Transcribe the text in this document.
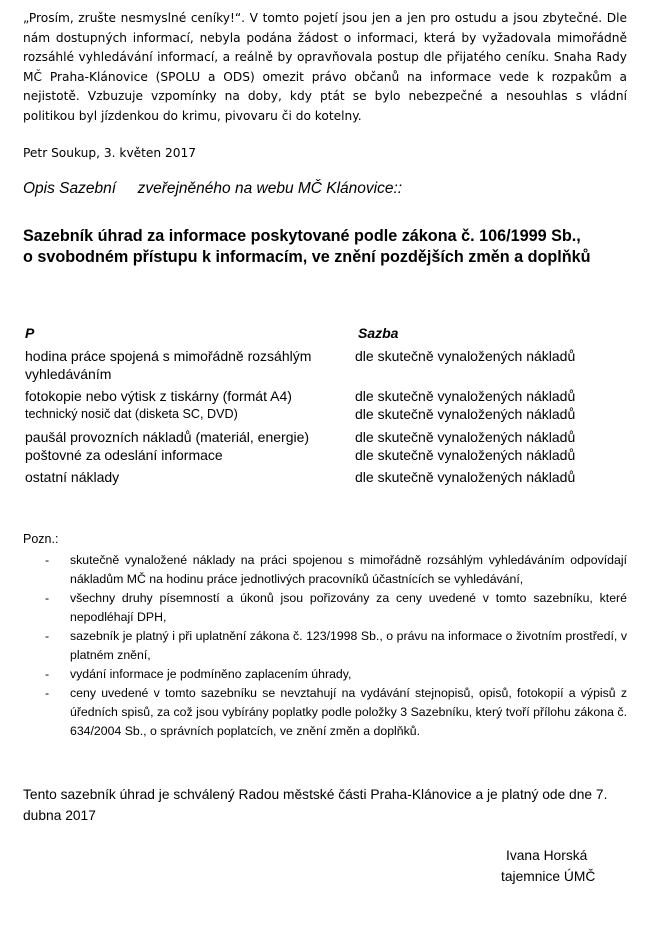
„Prosím, zrušte nesmyslné ceníky!“. V tomto pojetí jsou jen a jen pro ostudu a jsou zbytečné. Dle nám dostupných informací, nebyla podána žádost o informaci, která by vyžadovala mimořádně rozsáhlé vyhledávání informací, a reálně by opravňovala postup dle přijatého ceníku. Snaha Rady MČ Praha-Klánovice (SPOLU a ODS) omezit právo občanů na informace vede k rozpakům a nejistotě. Vzbuzuje vzpomínky na doby, kdy ptát se bylo nebezpečné a nesouhlas s vládní politikou byl jízdenkou do krimu, pivovaru či do kotelny.

Petr Soukup, 3. květen 2017

Opis Sazební     zveřejněného na webu MČ Klánovice::

Sazebník úhrad za informace poskytované podle zákona č. 106/1999 Sb.,
o svobodném přístupu k informacím, ve znění pozdějších změn a doplňků
P	Sazba
hodina práce spojená s mimořádně rozsáhlým	dle skutečně vynaložených nákladů
vyhledáváním
fotokopie nebo výtisk z tiskárny (formát A4)	dle skutečně vynaložených nákladů
technický nosič dat (disketa SC, DVD)	dle skutečně vynaložených nákladů
paušál provozních nákladů (materiál, energie)	dle skutečně vynaložených nákladů
poštovné za odeslání informace	dle skutečně vynaložených nákladů
ostatní náklady	dle skutečně vynaložených nákladů

Pozn.:

- skutečně vynaložené náklady na práci spojenou s mimořádně rozsáhlým vyhledáváním odpovídají nákladům MČ na hodinu práce jednotlivých pracovníků účastnících se vyhledávání,
- všechny druhy písemností a úkonů jsou pořizovány za ceny uvedené v tomto sazebníku, které nepodléhají DPH,
- sazebník je platný i při uplatnění zákona č. 123/1998 Sb., o právu na informace o životním prostředí, v platném znění,
- vydání informace je podmíněno zaplacením úhrady,
- ceny uvedené v tomto sazebníku se nevztahují na vydávání stejnopisů, opisů, fotokopií a výpisů z úředních spisů, za což jsou vybírány poplatky podle položky 3 Sazebníku, který tvoří přílohu zákona č. 634/2004 Sb., o správních poplatcích, ve znění změn a doplňků.

Tento sazebník úhrad je schválený Radou městské části Praha-Klánovice a je platný ode dne 7. dubna 2017

Ivana Horská

tajemnice ÚMČ
